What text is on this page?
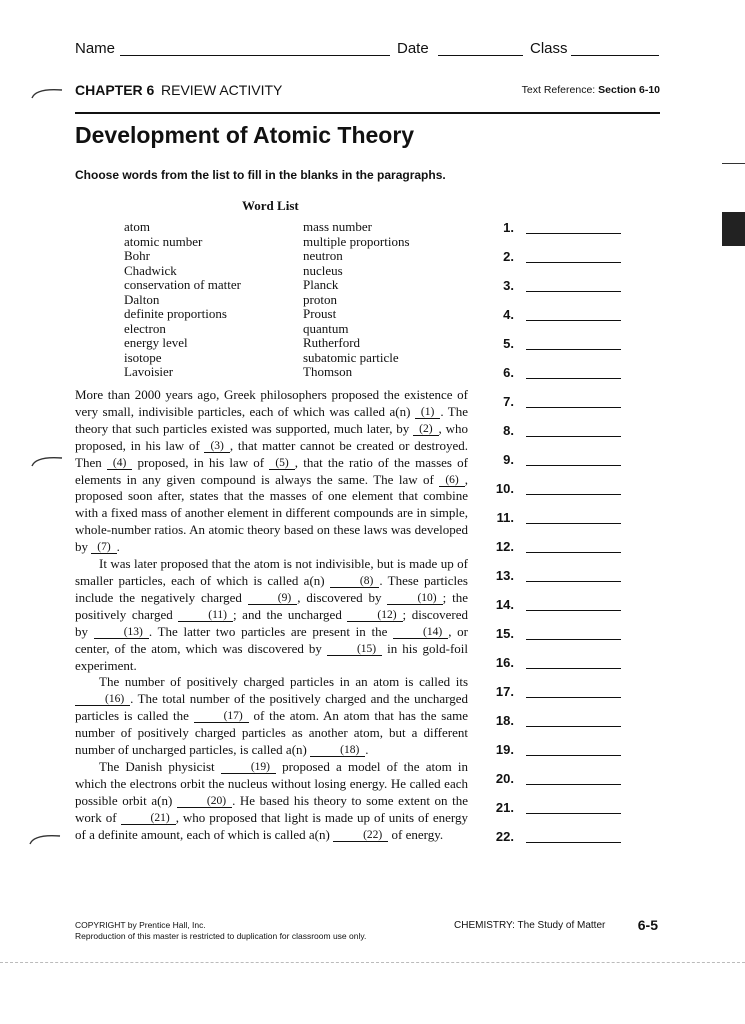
Name	Date	Class
CHAPTER 6 REVIEW ACTIVITY	Text Reference: Section 6-10
Development of Atomic Theory
Choose words from the list to fill in the blanks in the paragraphs.
Word List
atom
atomic number
Bohr
Chadwick
conservation of matter
Dalton
definite proportions
electron
energy level
isotope
Lavoisier
mass number
multiple proportions
neutron
nucleus
Planck
proton
Proust
quantum
Rutherford
subatomic particle
Thomson

More than 2000 years ago, Greek philosophers proposed the existence of very small, indivisible particles, each of which was called a(n) (1) . The theory that such particles existed was supported, much later, by (2) , who proposed, in his law of (3) , that matter cannot be created or destroyed. Then (4) proposed, in his law of (5) , that the ratio of the masses of elements in any given compound is always the same. The law of (6) , proposed soon after, states that the masses of one element that combine with a fixed mass of another element in different compounds are in simple, whole-number ratios. An atomic theory based on these laws was developed by (7) .

It was later proposed that the atom is not indivisible, but is made up of smaller particles, each of which is called a(n)	(8) . These particles include the negatively charged	(9) , discovered by	(10) ; the positively charged	(11) ; and the uncharged	(12) ; discovered by	(13) . The latter two particles are present in the	(14) , or center, of the atom, which was discovered by	(15) in his gold-foil experiment.

The number of positively charged particles in an atom is called its (16) . The total number of the positively charged and the uncharged particles is called the	(17) of the atom. An atom that has the same number of positively charged particles as another atom, but a different number of uncharged particles, is called a(n)	(18) .

The Danish physicist	(19) proposed a model of the atom in which the electrons orbit the nucleus without losing energy. He called each possible orbit a(n)	(20) . He based his theory to some extent on the work of	(21) , who proposed that light is made up of units of energy of a definite amount, each of which is called a(n)	(22) of energy.

1.
2.
3.
4.
5.
6.
7.
8.
9.
10.
11.
12.
13.
14.
15.
16.
17.
18.
19.
20.
21.
22.
COPYRIGHT by Prentice Hall, Inc.
Reproduction of this master is restricted to duplication for classroom use only.
CHEMISTRY: The Study of Matter 6-5
